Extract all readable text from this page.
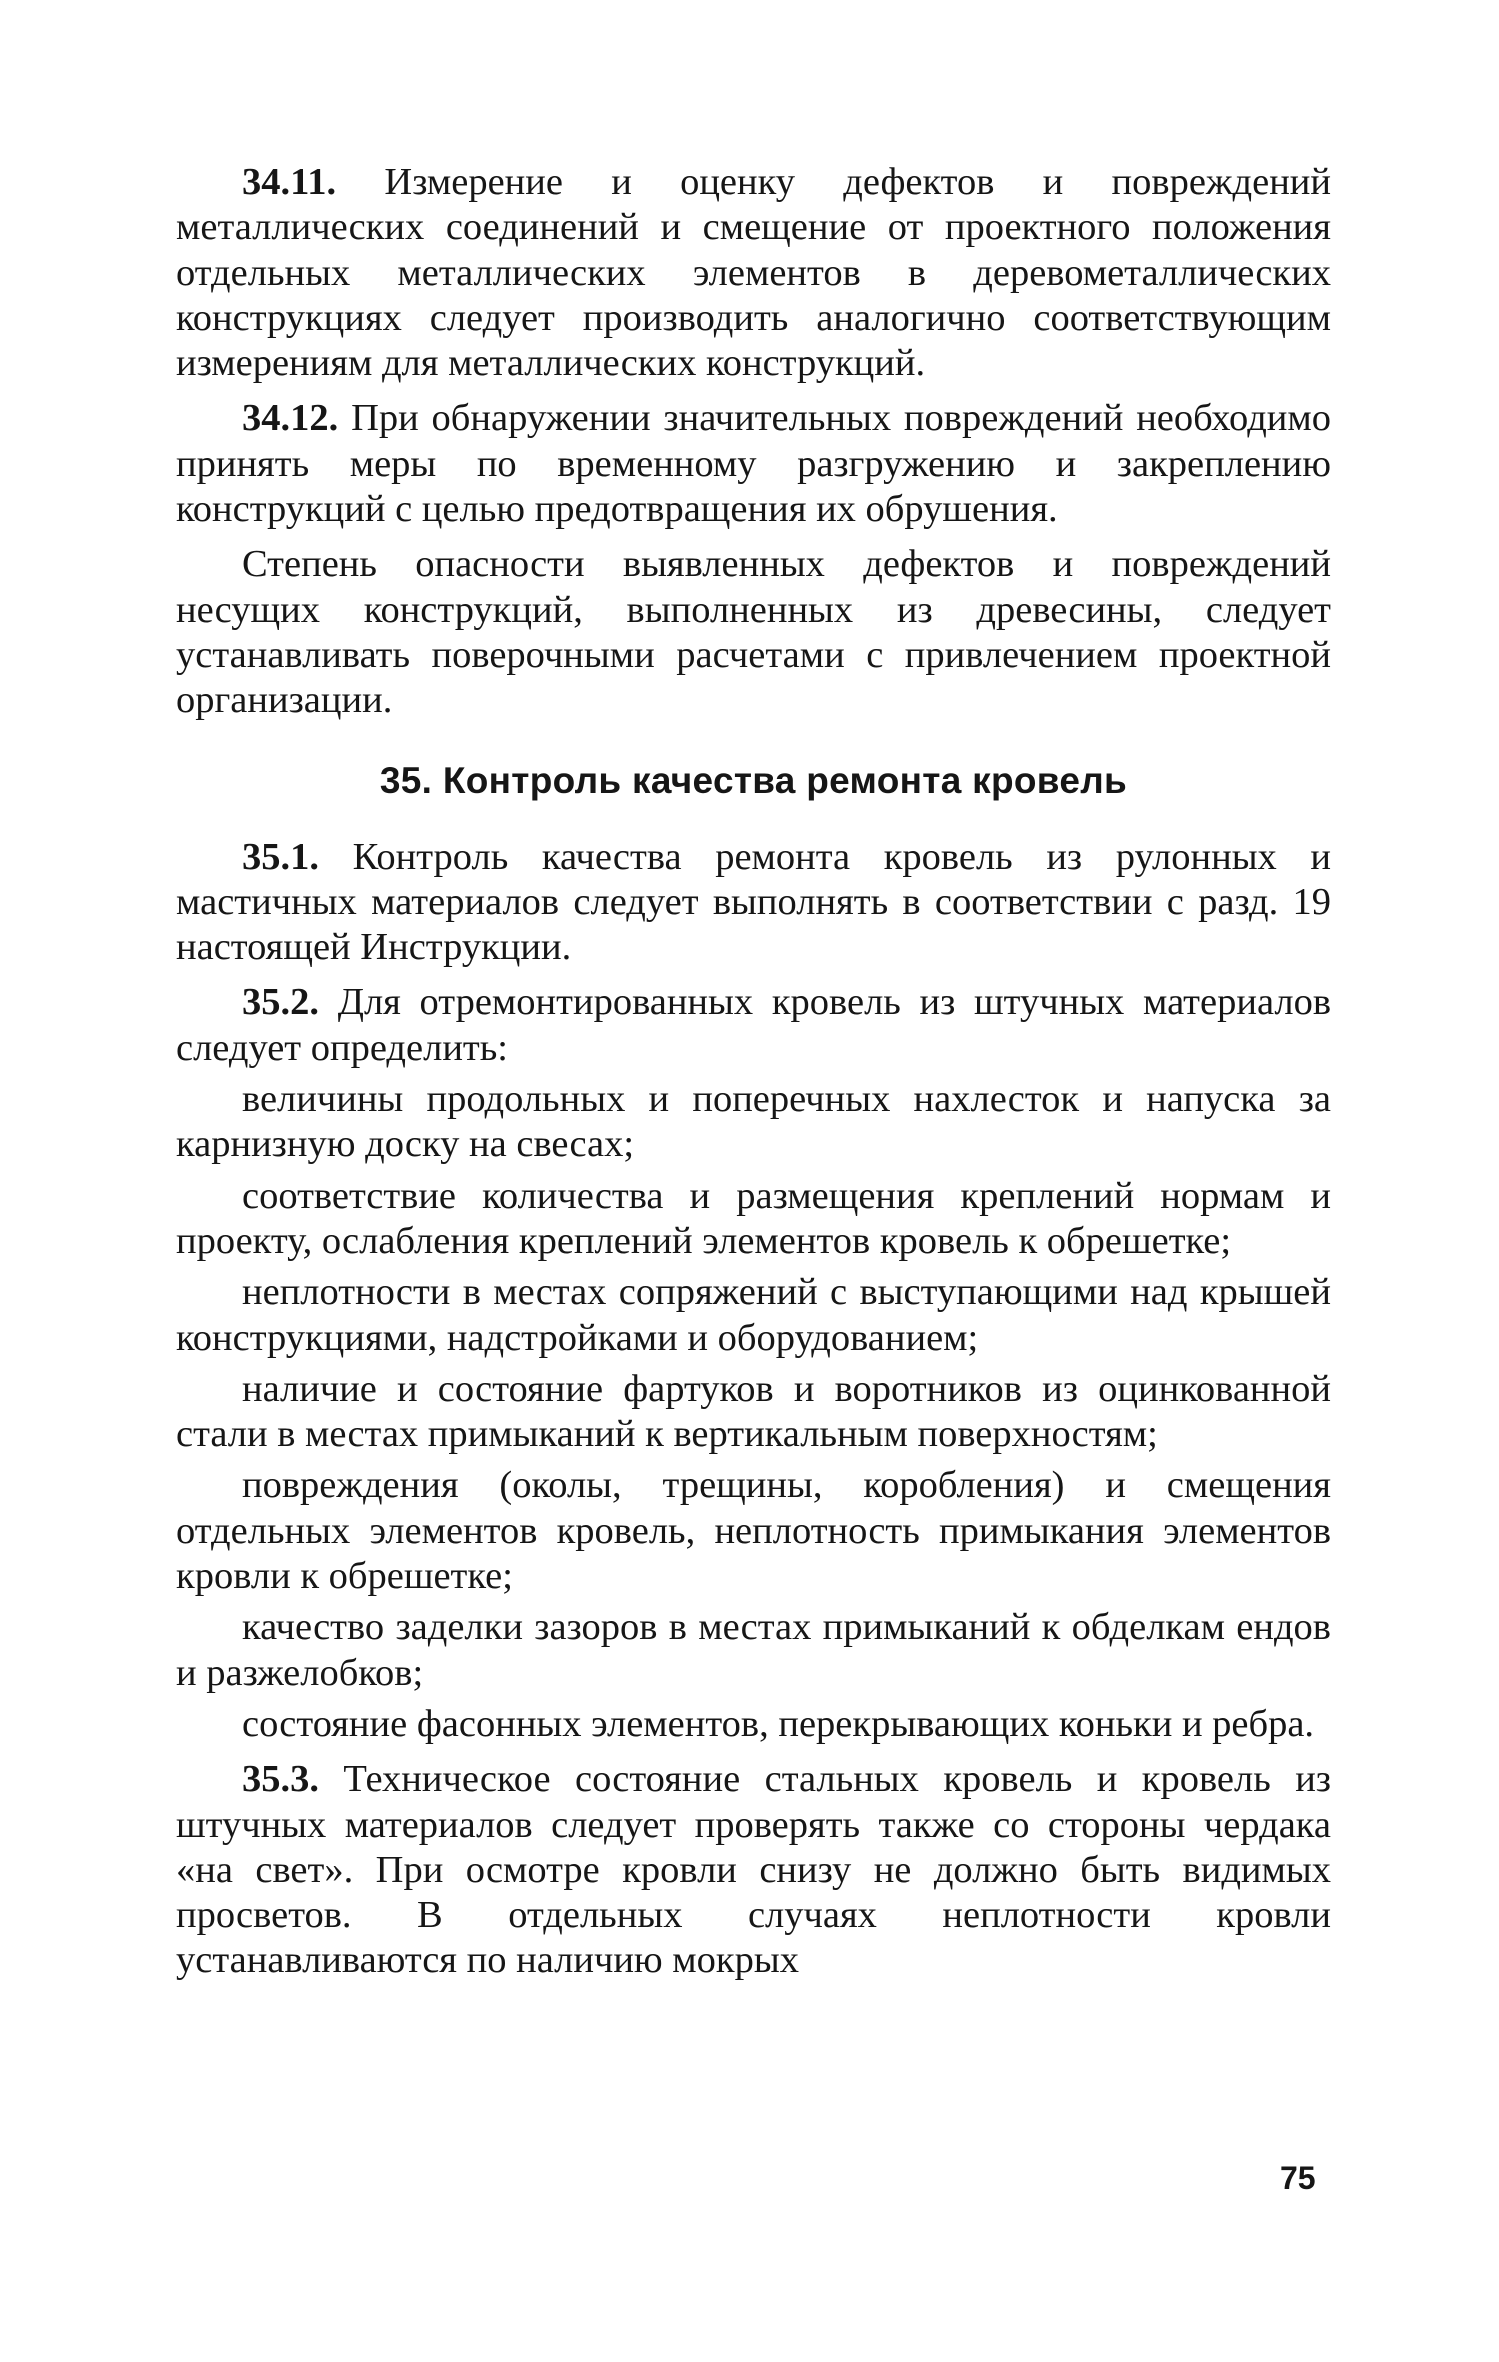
34.11. Измерение и оценку дефектов и повреждений металлических соединений и смещение от проектного положения отдельных металлических элементов в деревометаллических конструкциях следует производить аналогично соответствующим измерениям для металлических конструкций.

34.12. При обнаружении значительных повреждений необходимо принять меры по временному разгружению и закреплению конструкций с целью предотвращения их обрушения.

Степень опасности выявленных дефектов и повреждений несущих конструкций, выполненных из древесины, следует устанавливать поверочными расчетами с привлечением проектной организации.

35. Контроль качества ремонта кровель

35.1. Контроль качества ремонта кровель из рулонных и мастичных материалов следует выполнять в соответствии с разд. 19 настоящей Инструкции.

35.2. Для отремонтированных кровель из штучных материалов следует определить:

величины продольных и поперечных нахлесток и напуска за карнизную доску на свесах;

соответствие количества и размещения креплений нормам и проекту, ослабления креплений элементов кровель к обрешетке;

неплотности в местах сопряжений с выступающими над крышей конструкциями, надстройками и оборудованием;

наличие и состояние фартуков и воротников из оцинкованной стали в местах примыканий к вертикальным поверхностям;

повреждения (околы, трещины, коробления) и смещения отдельных элементов кровель, неплотность примыкания элементов кровли к обрешетке;

качество заделки зазоров в местах примыканий к обделкам ендов и разжелобков;

состояние фасонных элементов, перекрывающих коньки и ребра.

35.3. Техническое состояние стальных кровель и кровель из штучных материалов следует проверять также со стороны чердака «на свет». При осмотре кровли снизу не должно быть видимых просветов. В отдельных случаях неплотности кровли устанавливаются по наличию мокрых

75
